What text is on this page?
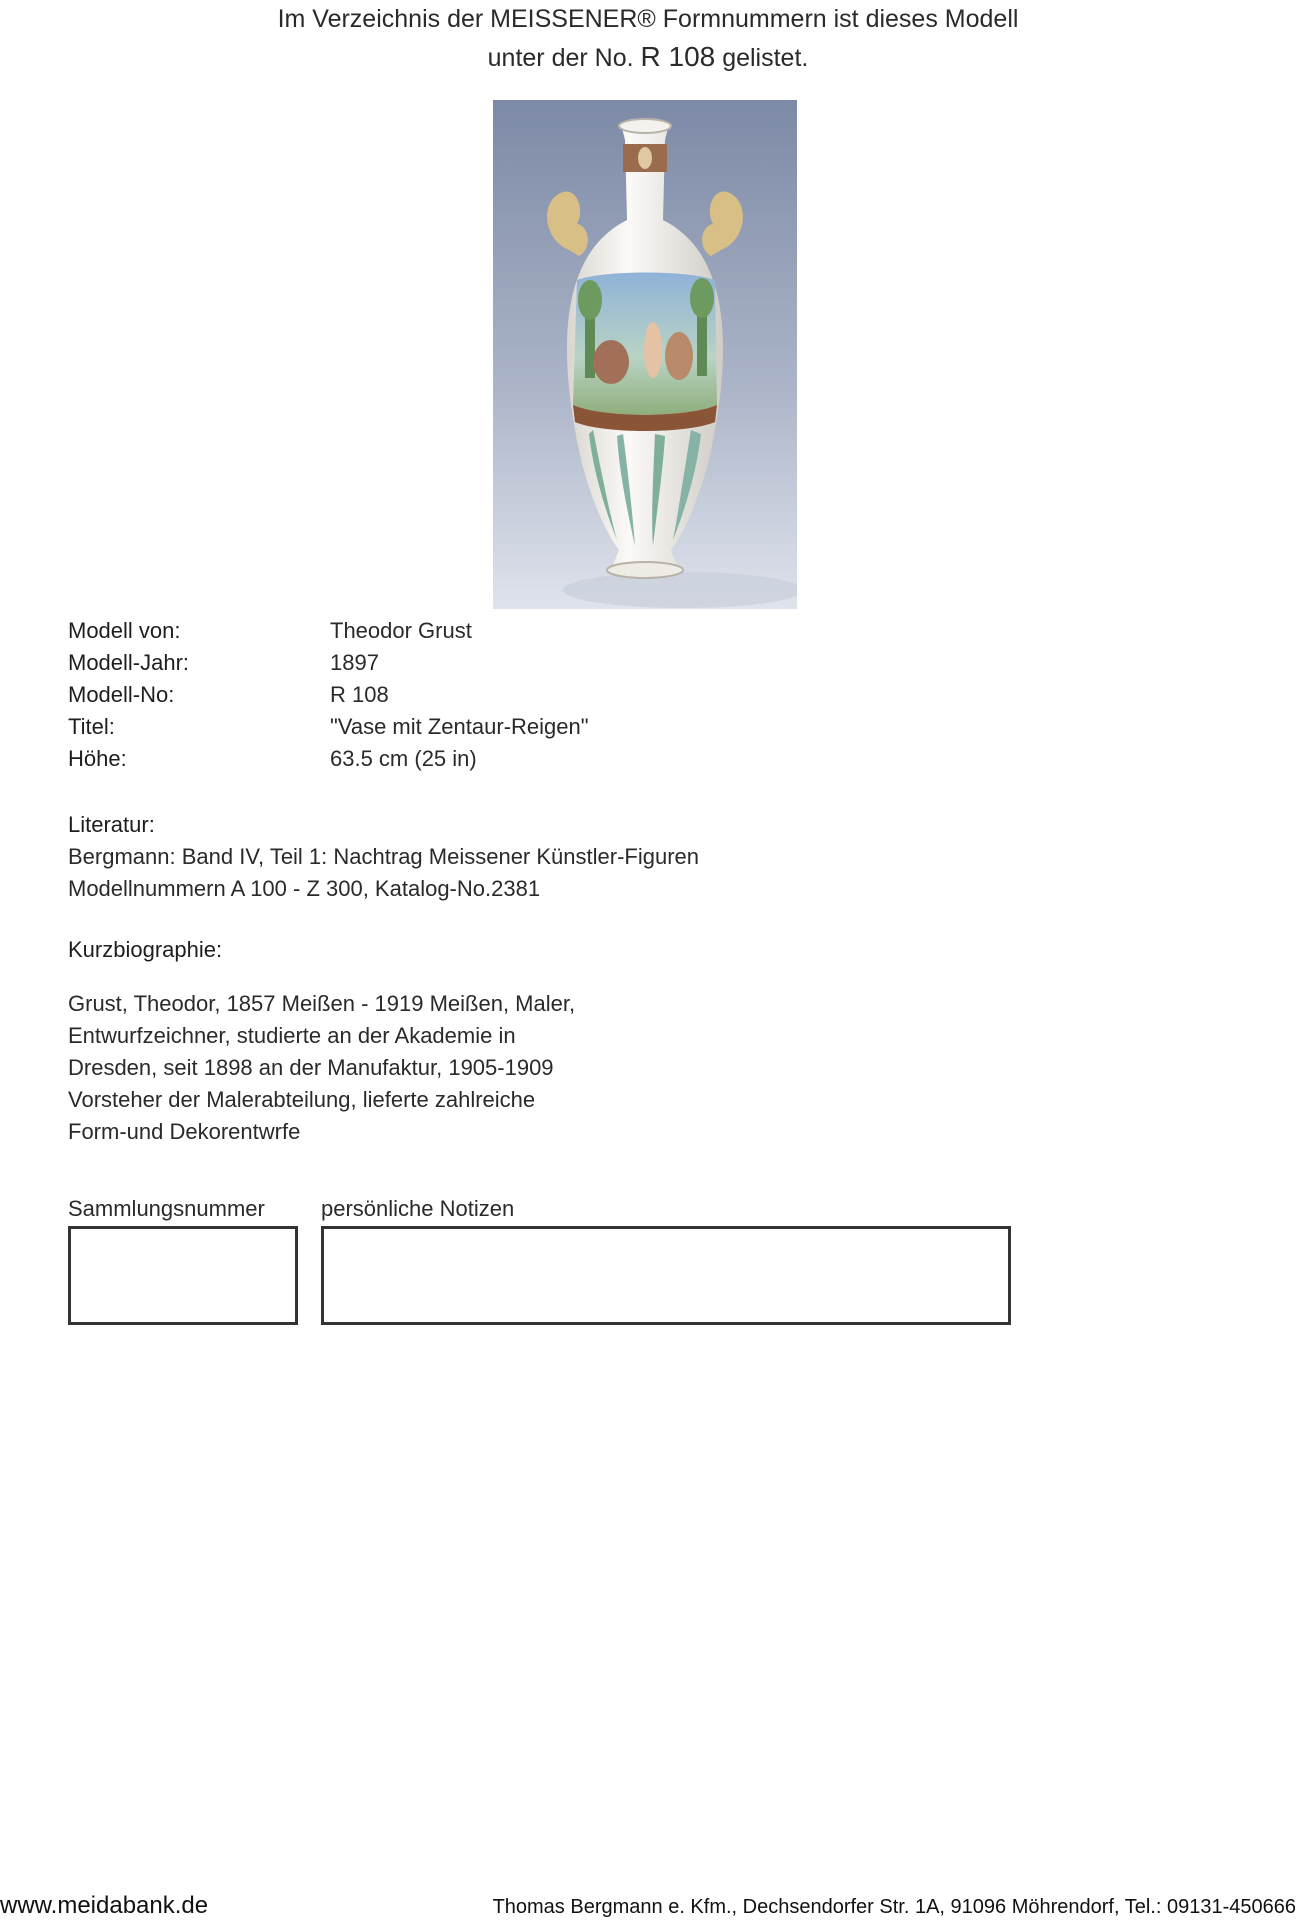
Im Verzeichnis der MEISSENER® Formnummern ist dieses Modell
unter der No. R 108 gelistet.
Modell von:	Theodor Grust
Modell-Jahr:	1897
Modell-No:	R 108
Titel:	"Vase mit Zentaur-Reigen"
Höhe:	63.5 cm (25 in)
Literatur:
Bergmann: Band IV, Teil 1: Nachtrag Meissener Künstler-Figuren
Modellnummern A 100 - Z 300, Katalog-No.2381
Kurzbiographie:
Grust, Theodor, 1857 Meißen - 1919 Meißen, Maler,
Entwurfzeichner, studierte an der Akademie in
Dresden, seit 1898 an der Manufaktur, 1905-1909
Vorsteher der Malerabteilung, lieferte zahlreiche
Form-und Dekorentwrfe
Sammlungsnummer	persönliche Notizen
www.meidabank.de	Thomas Bergmann e. Kfm., Dechsendorfer Str. 1A, 91096 Möhrendorf, Tel.: 09131-450666
